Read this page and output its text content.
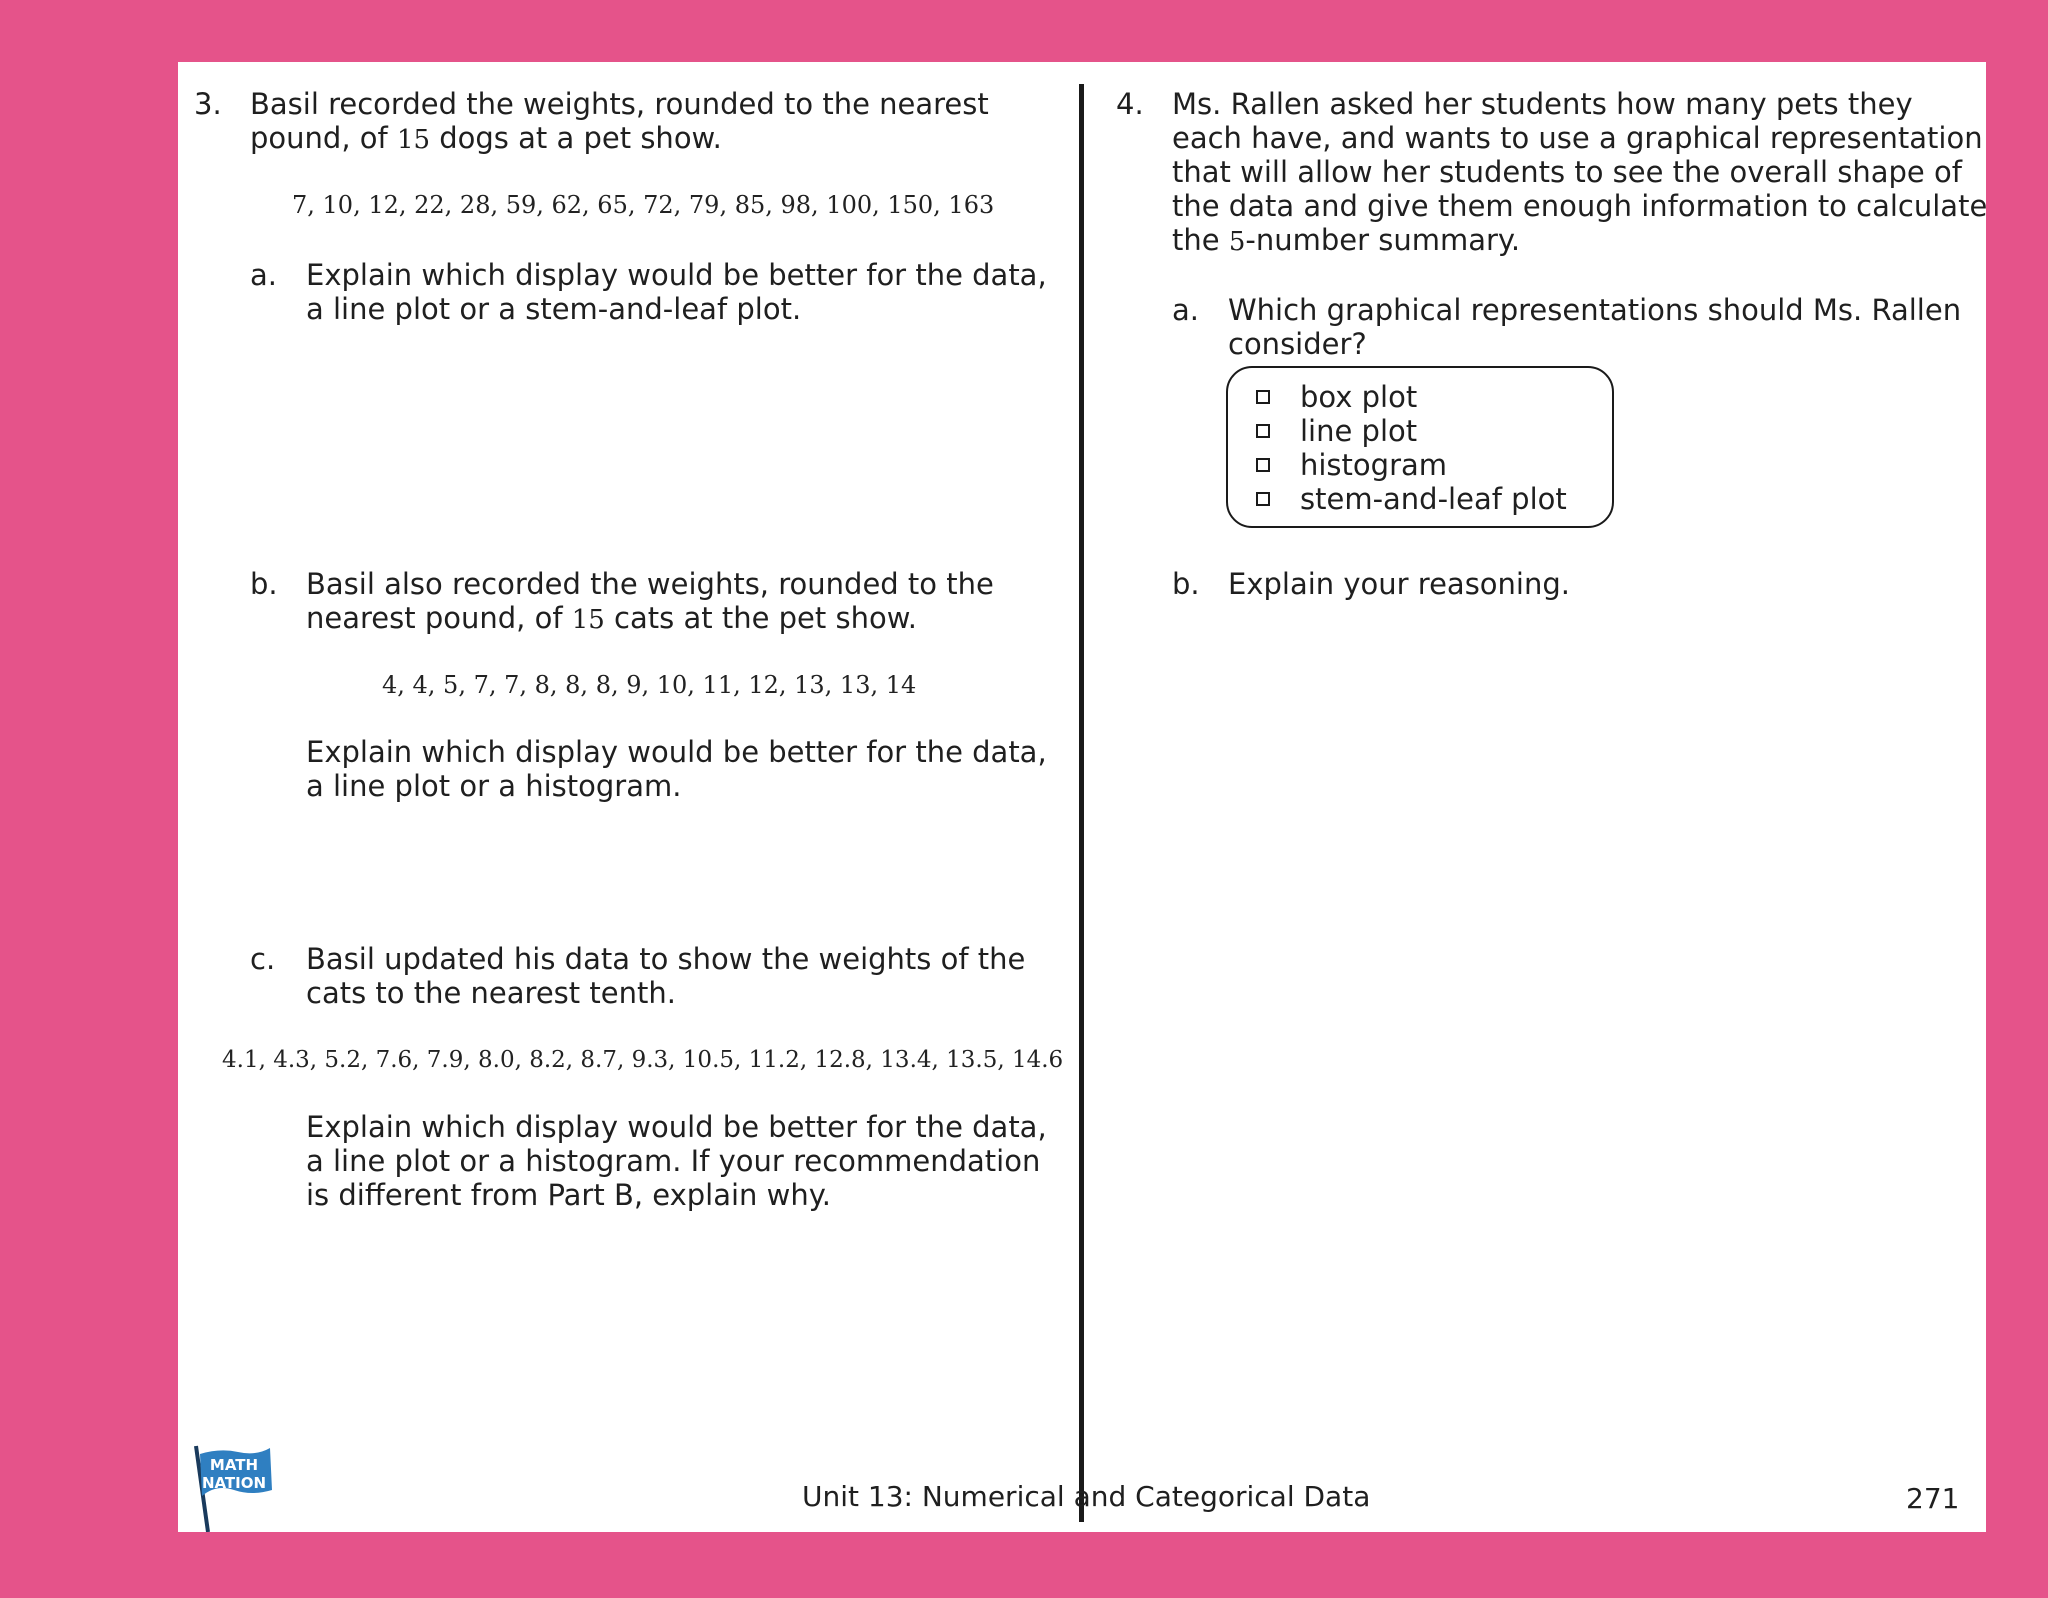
3. Basil recorded the weights, rounded to the nearest
pound, of 15 dogs at a pet show.
7, 10, 12, 22, 28, 59, 62, 65, 72, 79, 85, 98, 100, 150, 163
a. Explain which display would be better for the data,
a line plot or a stem-and-leaf plot.
b. Basil also recorded the weights, rounded to the
nearest pound, of 15 cats at the pet show.
4, 4, 5, 7, 7, 8, 8, 8, 9, 10, 11, 12, 13, 13, 14
Explain which display would be better for the data,
a line plot or a histogram.
c. Basil updated his data to show the weights of the
cats to the nearest tenth.
4.1, 4.3, 5.2, 7.6, 7.9, 8.0, 8.2, 8.7, 9.3, 10.5, 11.2, 12.8, 13.4, 13.5, 14.6
Explain which display would be better for the data,
a line plot or a histogram. If your recommendation
is different from Part B, explain why.
4. Ms. Rallen asked her students how many pets they
each have, and wants to use a graphical representation
that will allow her students to see the overall shape of
the data and give them enough information to calculate
the 5-number summary.
a. Which graphical representations should Ms. Rallen
consider?
box plot
line plot
histogram
stem-and-leaf plot
b. Explain your reasoning.
MATH
NATION	Unit 13: Numerical and Categorical Data	271
